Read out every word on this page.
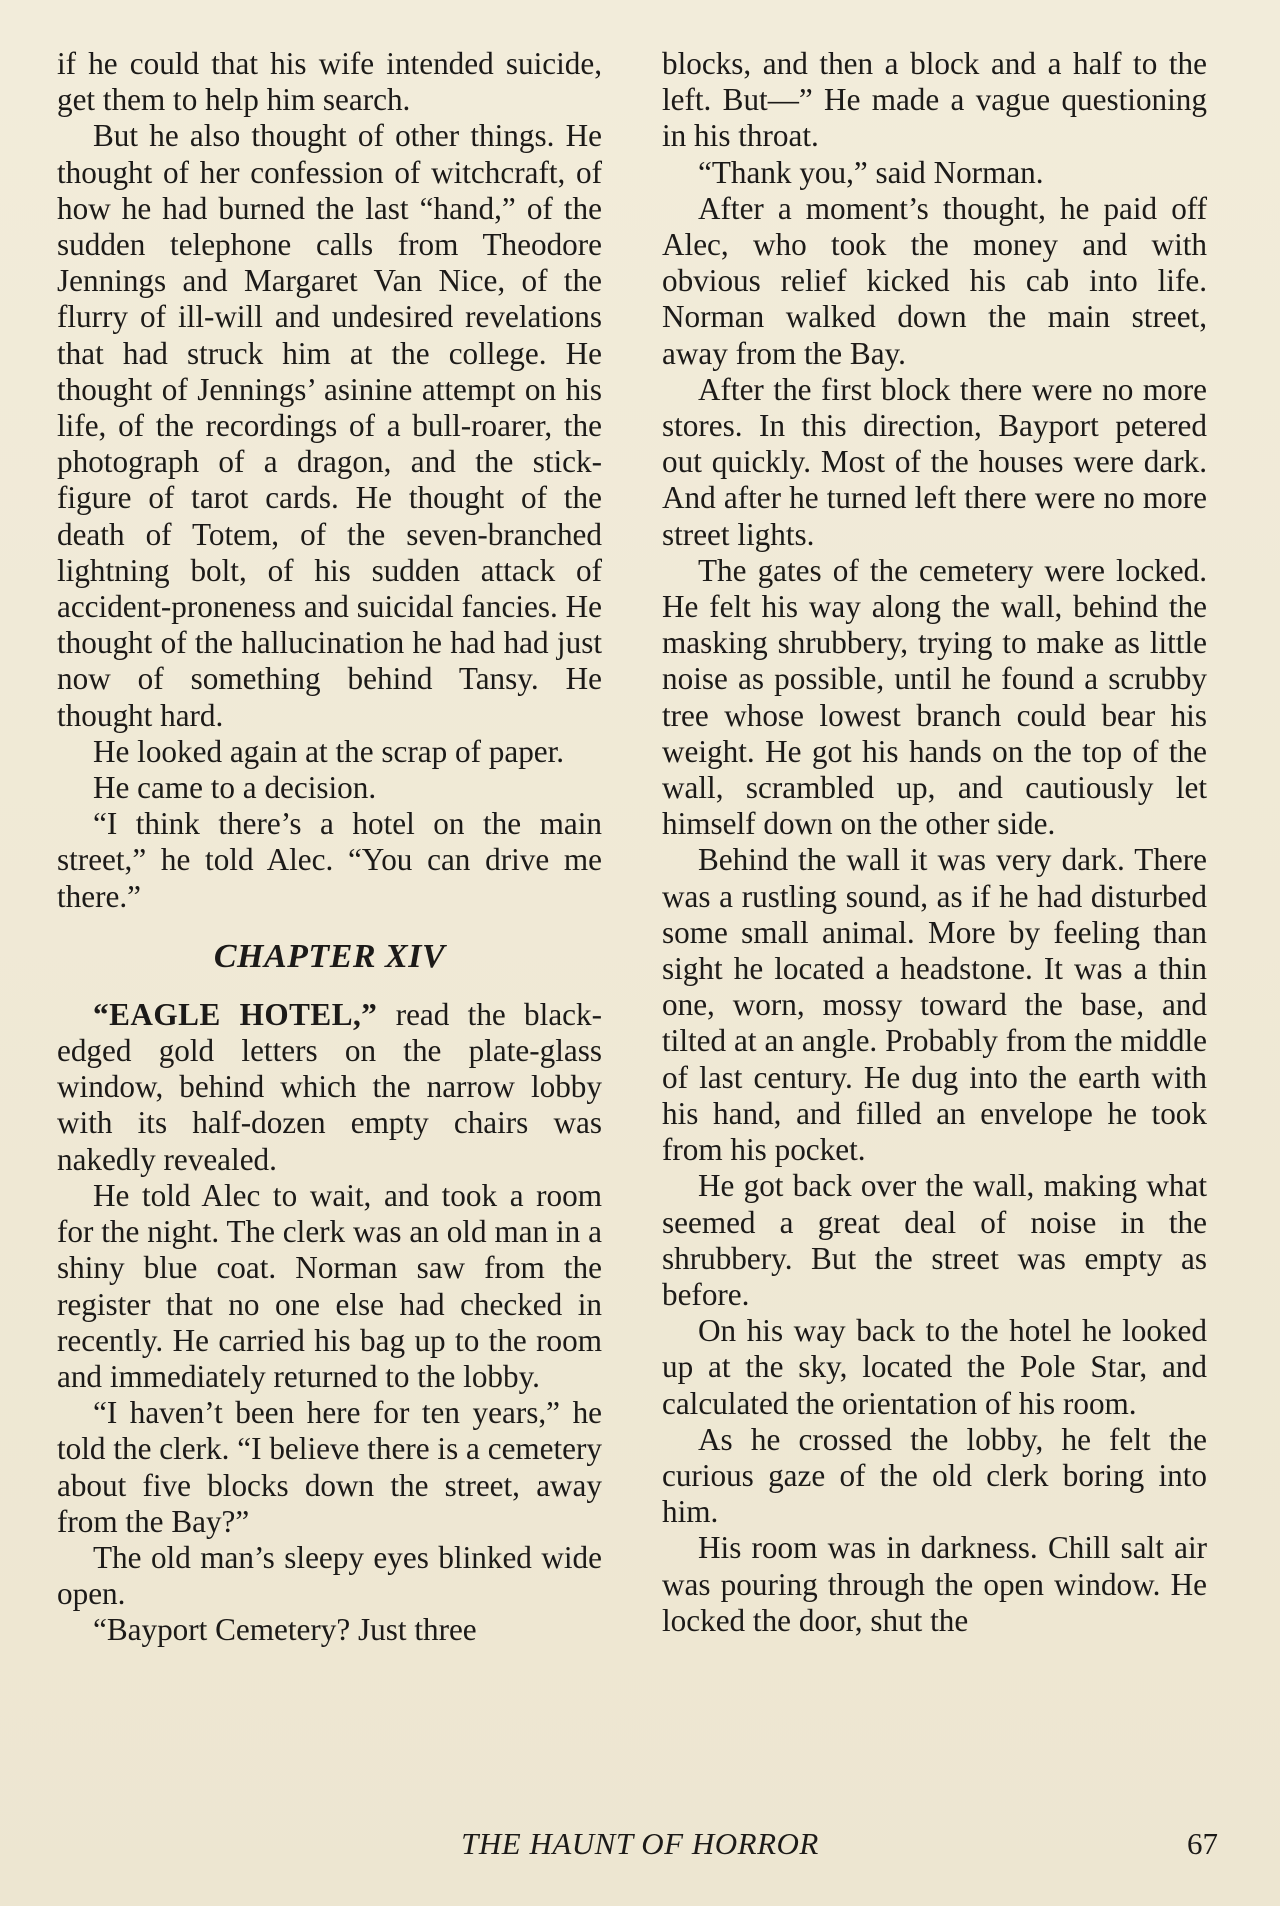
if he could that his wife intended suicide, get them to help him search.

But he also thought of other things. He thought of her confession of witchcraft, of how he had burned the last “hand,” of the sudden telephone calls from Theodore Jennings and Margaret Van Nice, of the flurry of ill-will and undesired revelations that had struck him at the college. He thought of Jennings’ asinine attempt on his life, of the recordings of a bull-roarer, the photograph of a dragon, and the stick-figure of tarot cards. He thought of the death of Totem, of the seven-branched lightning bolt, of his sudden attack of accident-proneness and suicidal fancies. He thought of the hallucination he had had just now of something behind Tansy. He thought hard.

He looked again at the scrap of paper.

He came to a decision.

“I think there’s a hotel on the main street,” he told Alec. “You can drive me there.”

CHAPTER XIV

“EAGLE HOTEL,” read the black-edged gold letters on the plate-glass window, behind which the narrow lobby with its half-dozen empty chairs was nakedly revealed.

He told Alec to wait, and took a room for the night. The clerk was an old man in a shiny blue coat. Norman saw from the register that no one else had checked in recently. He carried his bag up to the room and immediately returned to the lobby.

“I haven’t been here for ten years,” he told the clerk. “I believe there is a cemetery about five blocks down the street, away from the Bay?”

The old man’s sleepy eyes blinked wide open.

“Bayport Cemetery? Just three

blocks, and then a block and a half to the left. But—” He made a vague questioning in his throat.

“Thank you,” said Norman.

After a moment’s thought, he paid off Alec, who took the money and with obvious relief kicked his cab into life. Norman walked down the main street, away from the Bay.

After the first block there were no more stores. In this direction, Bayport petered out quickly. Most of the houses were dark. And after he turned left there were no more street lights.

The gates of the cemetery were locked. He felt his way along the wall, behind the masking shrubbery, trying to make as little noise as possible, until he found a scrubby tree whose lowest branch could bear his weight. He got his hands on the top of the wall, scrambled up, and cautiously let himself down on the other side.

Behind the wall it was very dark. There was a rustling sound, as if he had disturbed some small animal. More by feeling than sight he located a headstone. It was a thin one, worn, mossy toward the base, and tilted at an angle. Probably from the middle of last century. He dug into the earth with his hand, and filled an envelope he took from his pocket.

He got back over the wall, making what seemed a great deal of noise in the shrubbery. But the street was empty as before.

On his way back to the hotel he looked up at the sky, located the Pole Star, and calculated the orientation of his room.

As he crossed the lobby, he felt the curious gaze of the old clerk boring into him.

His room was in darkness. Chill salt air was pouring through the open window. He locked the door, shut the

THE HAUNT OF HORROR	67
